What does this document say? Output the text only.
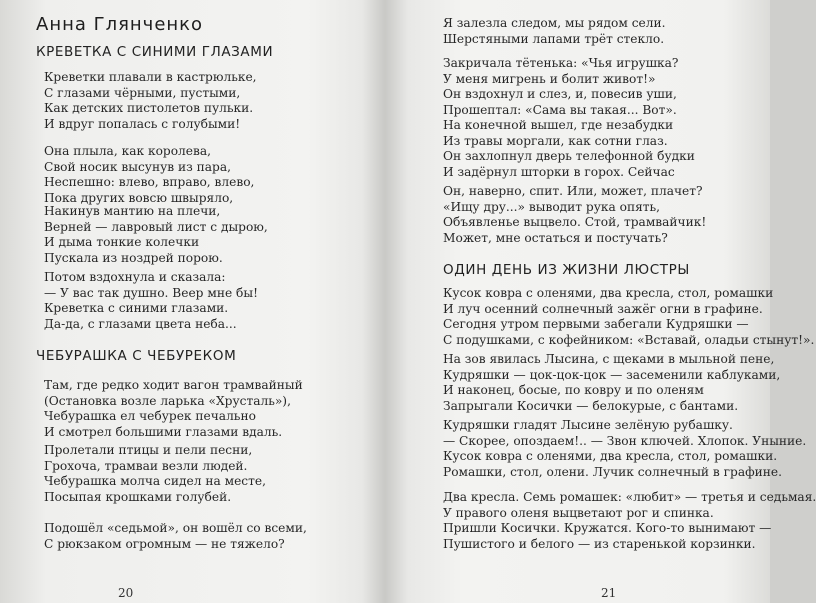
Анна Глянченко
КРЕВЕТКА С СИНИМИ ГЛАЗАМИ
Креветки плавали в кастрюльке,
С глазами чёрными, пустыми,
Как детских пистолетов пульки.
И вдруг попалась с голубыми!
Она плыла, как королева,
Свой носик высунув из пара,
Неспешно: влево, вправо, влево,
Пока других вовсю швыряло,
Накинув мантию на плечи,
Верней — лавровый лист с дырою,
И дыма тонкие колечки
Пускала из ноздрей порою.
Потом вздохнула и сказала:
— У вас так душно. Веер мне бы!
Креветка с синими глазами.
Да-да, с глазами цвета неба...
ЧЕБУРАШКА С ЧЕБУРЕКОМ
Там, где редко ходит вагон трамвайный
(Остановка возле ларька «Хрусталь»),
Чебурашка ел чебурек печально
И смотрел большими глазами вдаль.
Пролетали птицы и пели песни,
Грохоча, трамваи везли людей.
Чебурашка молча сидел на месте,
Посыпая крошками голубей.
Подошёл «седьмой», он вошёл со всеми,
С рюкзаком огромным — не тяжело?
20
Я залезла следом, мы рядом сели.
Шерстяными лапами трёт стекло.
Закричала тётенька: «Чья игрушка?
У меня мигрень и болит живот!»
Он вздохнул и слез, и, повесив уши,
Прошептал: «Сама вы такая... Вот».
На конечной вышел, где незабудки
Из травы моргали, как сотни глаз.
Он захлопнул дверь телефонной будки
И задёрнул шторки в горох. Сейчас
Он, наверно, спит. Или, может, плачет?
«Ищу дру...» выводит рука опять,
Объявленье выцвело. Стой, трамвайчик!
Может, мне остаться и постучать?
ОДИН ДЕНЬ ИЗ ЖИЗНИ ЛЮСТРЫ
Кусок ковра с оленями, два кресла, стол, ромашки
И луч осенний солнечный зажёг огни в графине.
Сегодня утром первыми забегали Кудряшки —
С подушками, с кофейником: «Вставай, оладьи стынут!».
На зов явилась Лысина, с щеками в мыльной пене,
Кудряшки — цок-цок-цок — засеменили каблуками,
И наконец, босые, по ковру и по оленям
Запрыгали Косички — белокурые, с бантами.
Кудряшки гладят Лысине зелёную рубашку.
— Скорее, опоздаем!.. — Звон ключей. Хлопок. Уныние.
Кусок ковра с оленями, два кресла, стол, ромашки.
Ромашки, стол, олени. Лучик солнечный в графине.
Два кресла. Семь ромашек: «любит» — третья и седьмая.
У правого оленя выцветают рог и спинка.
Пришли Косички. Кружатся. Кого-то вынимают —
Пушистого и белого — из старенькой корзинки.
21
